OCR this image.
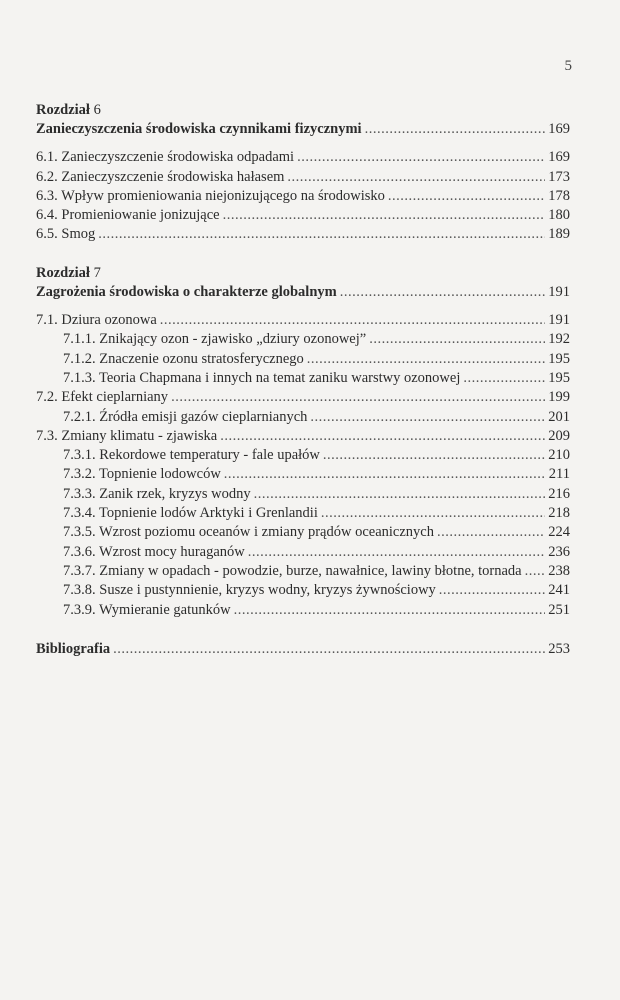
5
Rozdział 6
Zanieczyszczenia środowiska czynnikami fizycznymi .....	169
6.1. Zanieczyszczenie środowiska odpadami .....	169
6.2. Zanieczyszczenie środowiska hałasem .....	173
6.3. Wpływ promieniowania niejonizującego na środowisko .....	178
6.4. Promieniowanie jonizujące .....	180
6.5. Smog .....	189
Rozdział 7
Zagrożenia środowiska o charakterze globalnym .....	191
7.1. Dziura ozonowa .....	191
7.1.1. Znikający ozon - zjawisko „dziury ozonowej” .....	192
7.1.2. Znaczenie ozonu stratosferycznego .....	195
7.1.3. Teoria Chapmana i innych na temat zaniku warstwy ozonowej .....	195
7.2. Efekt cieplarniany .....	199
7.2.1. Źródła emisji gazów cieplarnianych .....	201
7.3. Zmiany klimatu - zjawiska .....	209
7.3.1. Rekordowe temperatury - fale upałów .....	210
7.3.2. Topnienie lodowców .....	211
7.3.3. Zanik rzek, kryzys wodny .....	216
7.3.4. Topnienie lodów Arktyki i Grenlandii .....	218
7.3.5. Wzrost poziomu oceanów i zmiany prądów oceanicznych .....	224
7.3.6. Wzrost mocy huraganów .....	236
7.3.7. Zmiany w opadach - powodzie, burze, nawałnice, lawiny błotne, tornada ..... 238
7.3.8. Susze i pustynnienie, kryzys wodny, kryzys żywnościowy .....	241
7.3.9. Wymieranie gatunków .....	251
Bibliografia .....	253
